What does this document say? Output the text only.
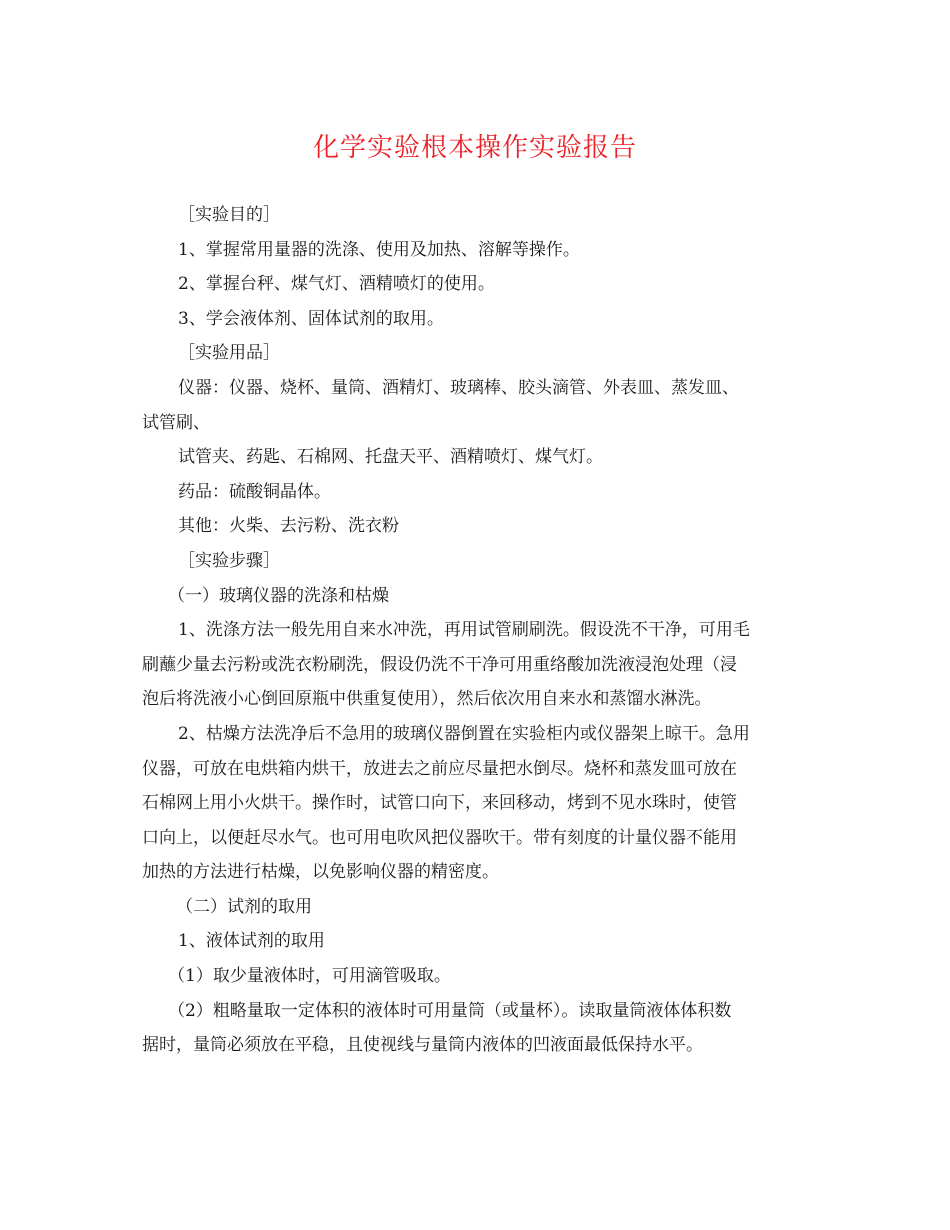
化学实验根本操作实验报告
［实验目的］
1、掌握常用量器的洗涤、使用及加热、溶解等操作。
2、掌握台秤、煤气灯、酒精喷灯的使用。
3、学会液体剂、固体试剂的取用。
［实验用品］
仪器：仪器、烧杯、量筒、酒精灯、玻璃棒、胶头滴管、外表皿、蒸发皿、
试管刷、
试管夹、药匙、石棉网、托盘天平、酒精喷灯、煤气灯。
药品：硫酸铜晶体。
其他：火柴、去污粉、洗衣粉
［实验步骤］
（一）玻璃仪器的洗涤和枯燥
1、洗涤方法一般先用自来水冲洗，再用试管刷刷洗。假设洗不干净，可用毛
刷蘸少量去污粉或洗衣粉刷洗，假设仍洗不干净可用重络酸加洗液浸泡处理（浸
泡后将洗液小心倒回原瓶中供重复使用），然后依次用自来水和蒸馏水淋洗。
2、枯燥方法洗净后不急用的玻璃仪器倒置在实验柜内或仪器架上晾干。急用
仪器，可放在电烘箱内烘干，放进去之前应尽量把水倒尽。烧杯和蒸发皿可放在
石棉网上用小火烘干。操作时，试管口向下，来回移动，烤到不见水珠时，使管
口向上，以便赶尽水气。也可用电吹风把仪器吹干。带有刻度的计量仪器不能用
加热的方法进行枯燥，以免影响仪器的精密度。
（二）试剂的取用
1、液体试剂的取用
（1）取少量液体时，可用滴管吸取。
（2）粗略量取一定体积的液体时可用量筒（或量杯）。读取量筒液体体积数
据时，量筒必须放在平稳，且使视线与量筒内液体的凹液面最低保持水平。
